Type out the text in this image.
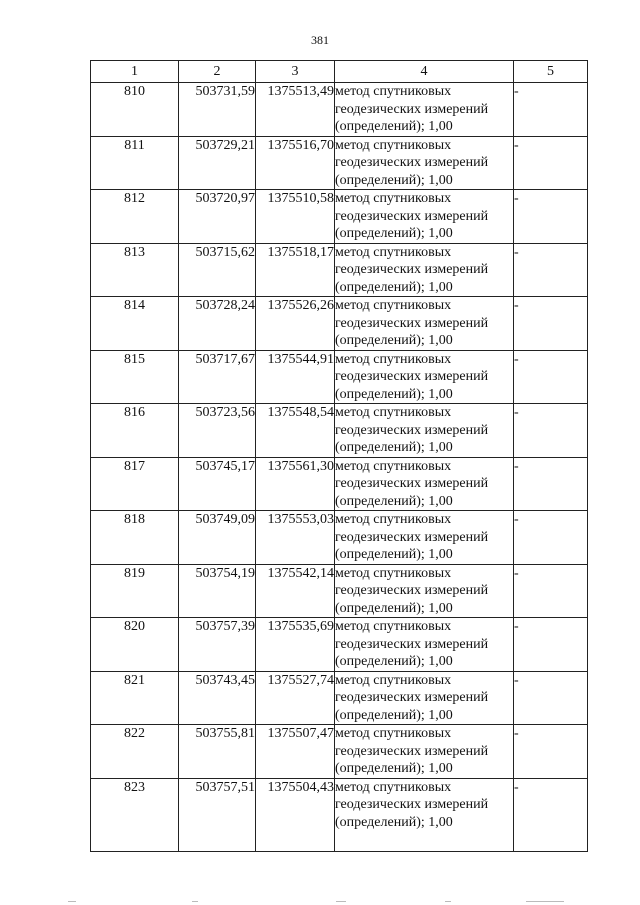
381
1	2	3	4	5
810	503731,59	1375513,49	метод спутниковых
геодезических измерений
(определений); 1,00	-
811	503729,21	1375516,70	метод спутниковых
геодезических измерений
(определений); 1,00	-
812	503720,97	1375510,58	метод спутниковых
геодезических измерений
(определений); 1,00	-
813	503715,62	1375518,17	метод спутниковых
геодезических измерений
(определений); 1,00	-
814	503728,24	1375526,26	метод спутниковых
геодезических измерений
(определений); 1,00	-
815	503717,67	1375544,91	метод спутниковых
геодезических измерений
(определений); 1,00	-
816	503723,56	1375548,54	метод спутниковых
геодезических измерений
(определений); 1,00	-
817	503745,17	1375561,30	метод спутниковых
геодезических измерений
(определений); 1,00	-
818	503749,09	1375553,03	метод спутниковых
геодезических измерений
(определений); 1,00	-
819	503754,19	1375542,14	метод спутниковых
геодезических измерений
(определений); 1,00	-
820	503757,39	1375535,69	метод спутниковых
геодезических измерений
(определений); 1,00	-
821	503743,45	1375527,74	метод спутниковых
геодезических измерений
(определений); 1,00	-
822	503755,81	1375507,47	метод спутниковых
геодезических измерений
(определений); 1,00	-
823	503757,51	1375504,43	метод спутниковых
геодезических измерений
(определений); 1,00	-
